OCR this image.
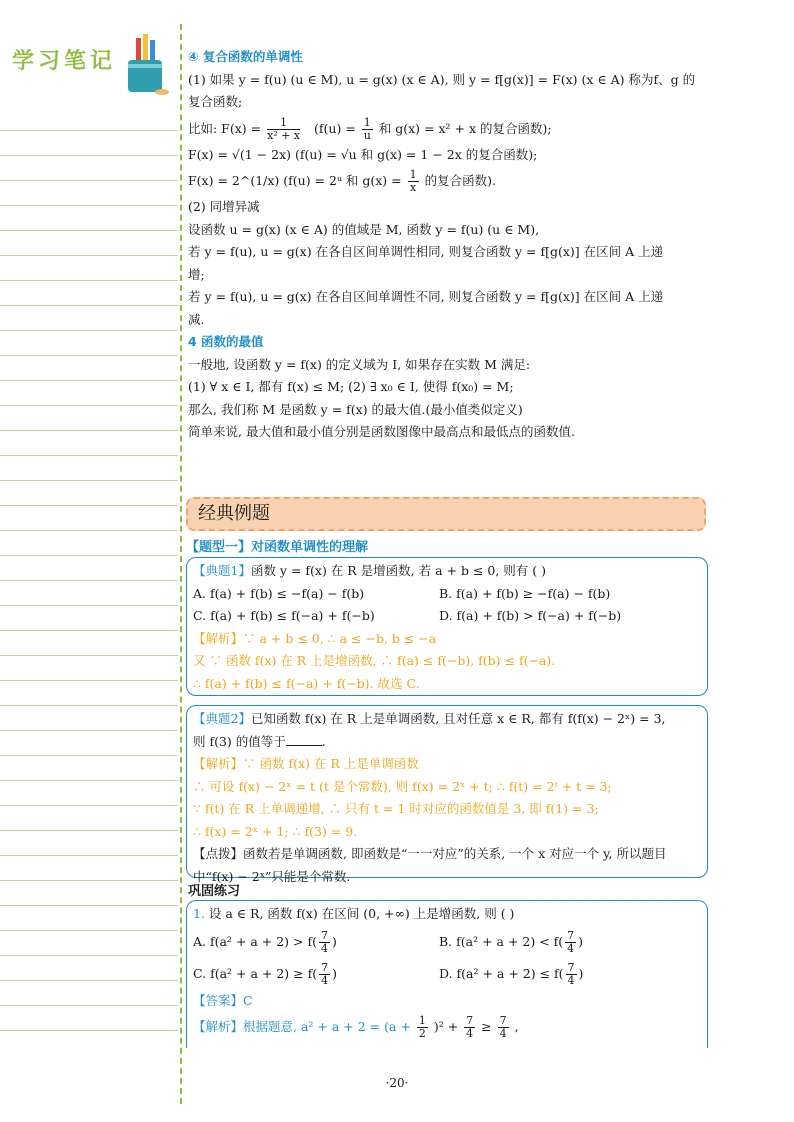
学习笔记	④ 复合函数的单调性
(1) 如果 y = f(u) (u ∈ M), u = g(x) (x ∈ A), 则 y = f[g(x)] = F(x) (x ∈ A) 称为f、g 的
复合函数;
比如: $F(x) = \frac{1}{\text{x² + x}} (f(u) = \frac{1}{u}$ 和 g(x) = x² + x 的复合函数);
F(x) = √(1 − 2x) (f(u) = √u 和 g(x) = 1 − 2x 的复合函数);
F(x) = 2^(1/x) (f(u) = 2ᵘ 和 $g(x) = \frac{1}{x}$ 的复合函数).
(2) 同增异减
设函数 u = g(x) (x ∈ A) 的值域是 M, 函数 y = f(u) (u ∈ M),
若 y = f(u), u = g(x) 在各自区间单调性相同, 则复合函数 y = f[g(x)] 在区间 A 上递
增;
若 y = f(u), u = g(x) 在各自区间单调性不同, 则复合函数 y = f[g(x)] 在区间 A 上递
减.
4 函数的最值
一般地, 设函数 y = f(x) 的定义域为 I, 如果存在实数 M 满足:
(1) ∀ x ∈ I, 都有 f(x) ≤ M; (2) ∃ x₀ ∈ I, 使得 f(x₀) = M;
那么, 我们称 M 是函数 y = f(x) 的最大值.(最小值类似定义)
简单来说, 最大值和最小值分别是函数图像中最高点和最低点的函数值.
经典例题
【题型一】对函数单调性的理解
【典题1】函数 y = f(x) 在 R 是增函数, 若 a + b ≤ 0, 则有 ( )
A. f(a) + f(b) ≤ −f(a) − f(b)	B. f(a) + f(b) ≥ −f(a) − f(b)
C. f(a) + f(b) ≤ f(−a) + f(−b)	D. f(a) + f(b) > f(−a) + f(−b)
【解析】∵ a + b ≤ 0, ∴ a ≤ −b, b ≤ −a
又 ∵ 函数 f(x) 在 R 上是增函数, ∴ f(a) ≤ f(−b), f(b) ≤ f(−a).
∴ f(a) + f(b) ≤ f(−a) + f(−b). 故选 C.
【典题2】已知函数 f(x) 在 R 上是单调函数, 且对任意 x ∈ R, 都有 f(f(x) − 2ˣ) = 3,
则 f(3) 的值等于	.
【解析】∵ 函数 f(x) 在 R 上是单调函数
∴ 可设 f(x) − 2ˣ = t (t 是个常数), 则 f(x) = 2ˣ + t; ∴ f(t) = 2ᵗ + t = 3;
∵ f(t) 在 R 上单调递增, ∴ 只有 t = 1 时对应的函数值是 3, 即 f(1) = 3;
∴ f(x) = 2ˣ + 1; ∴ f(3) = 9.
【点拨】函数若是单调函数, 即函数是“一一对应”的关系, 一个 x 对应一个 y, 所以题目
中“f(x) − 2ˣ”只能是个常数.
巩固练习
1. 设 a ∈ R, 函数 f(x) 在区间 (0, +∞) 上是增函数, 则 ( )
A. $f(a^2 + a + 2) > f( \frac{7}{4}$ )	B. $f(a^2 + a + 2) < f( \frac{7}{4}$ )
C. $f(a^2 + a + 2) \ge f( \frac{7}{4}$ )	D. $f(a^2 + a + 2) \le f( \frac{7}{4}$ )
【答案】C
【解析】根据题意, $a^2 + a + 2 = (a + \frac{1}{2} )^2 + \frac{7}{4} \ge \frac{7}{4}$ ,
·20·
